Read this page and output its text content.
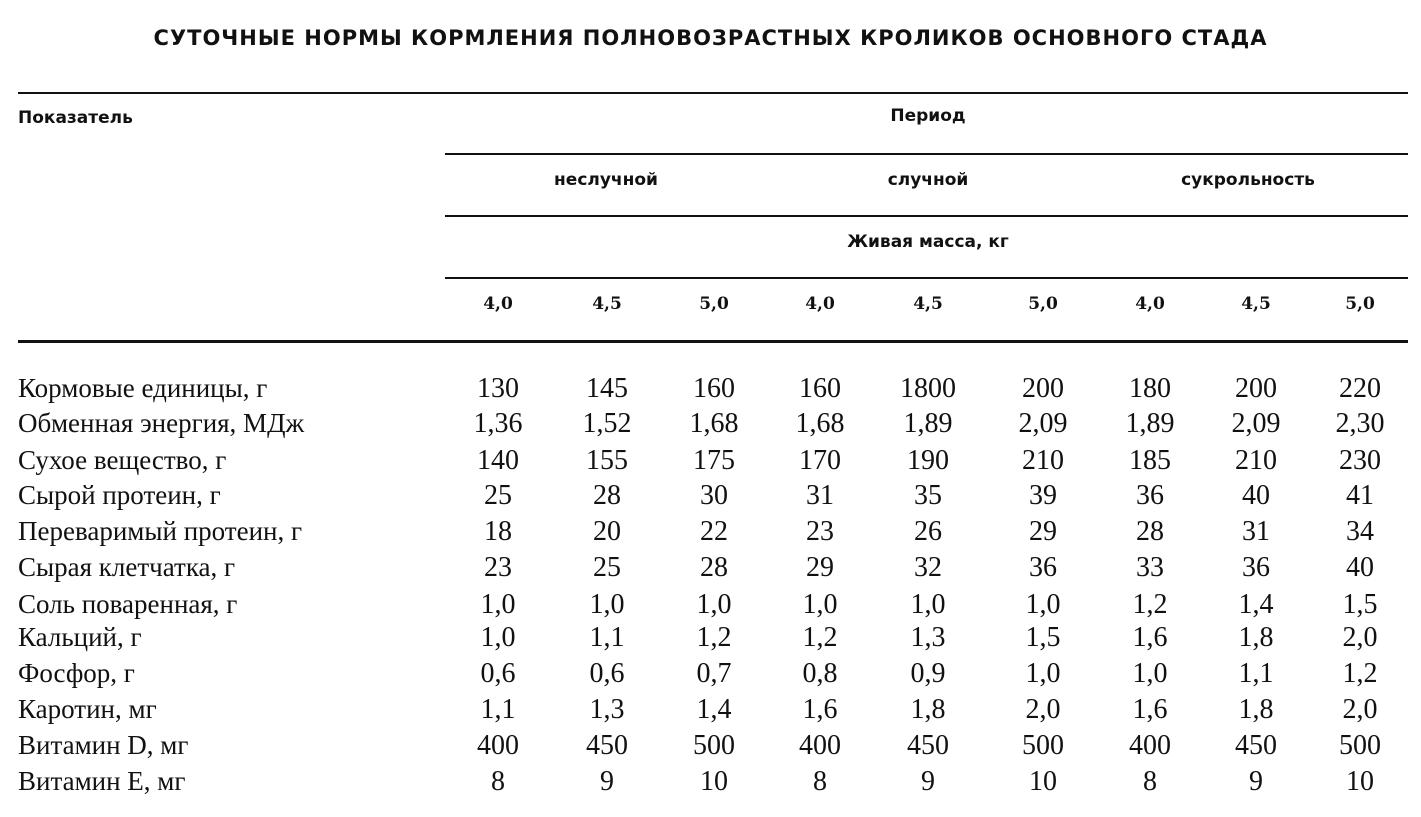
СУТОЧНЫЕ НОРМЫ КОРМЛЕНИЯ ПОЛНОВОЗРАСТНЫХ КРОЛИКОВ ОСНОВНОГО СТАДА
Показатель	Период
неслучной	случной	сукрольность
Живая масса, кг
4,0	4,5	5,0	4,0	4,5	5,0	4,0	4,5	5,0
Кормовые единицы, г	130 145 160 160 1800 200 180 200 220
Обменная энергия, МДж	1,36 1,52 1,68 1,68 1,89 2,09 1,89 2,09 2,30
Сухое вещество, г	140 155 175 170 190	210 185 210 230
Сырой протеин, г	25	28	30	31	35	39	36	40	41
Переваримый протеин, г	18	20	22	23	26	29	28	31	34
Сырая клетчатка, г	23	25	28	29	32	36	33	36	40
Соль поваренная, г	1,0	1,0	1,0	1,0	1,0	1,0	1,2	1,4 1,5
Кальций, г	1,0	1,1	1,2	1,2	1,3	1,5	1,6	1,8 2,0
Фосфор, г	0,6	0,6	0,7	0,8	0,9	1,0	1,0	1,1 1,2
Каротин, мг	1,1	1,3	1,4	1,6	1,8	2,0	1,6	1,8 2,0
Витамин D, мг	400 450 500 400 450	500 400 450 500
Витамин Е, мг	8	9	10	8	9	10	8	9	10
